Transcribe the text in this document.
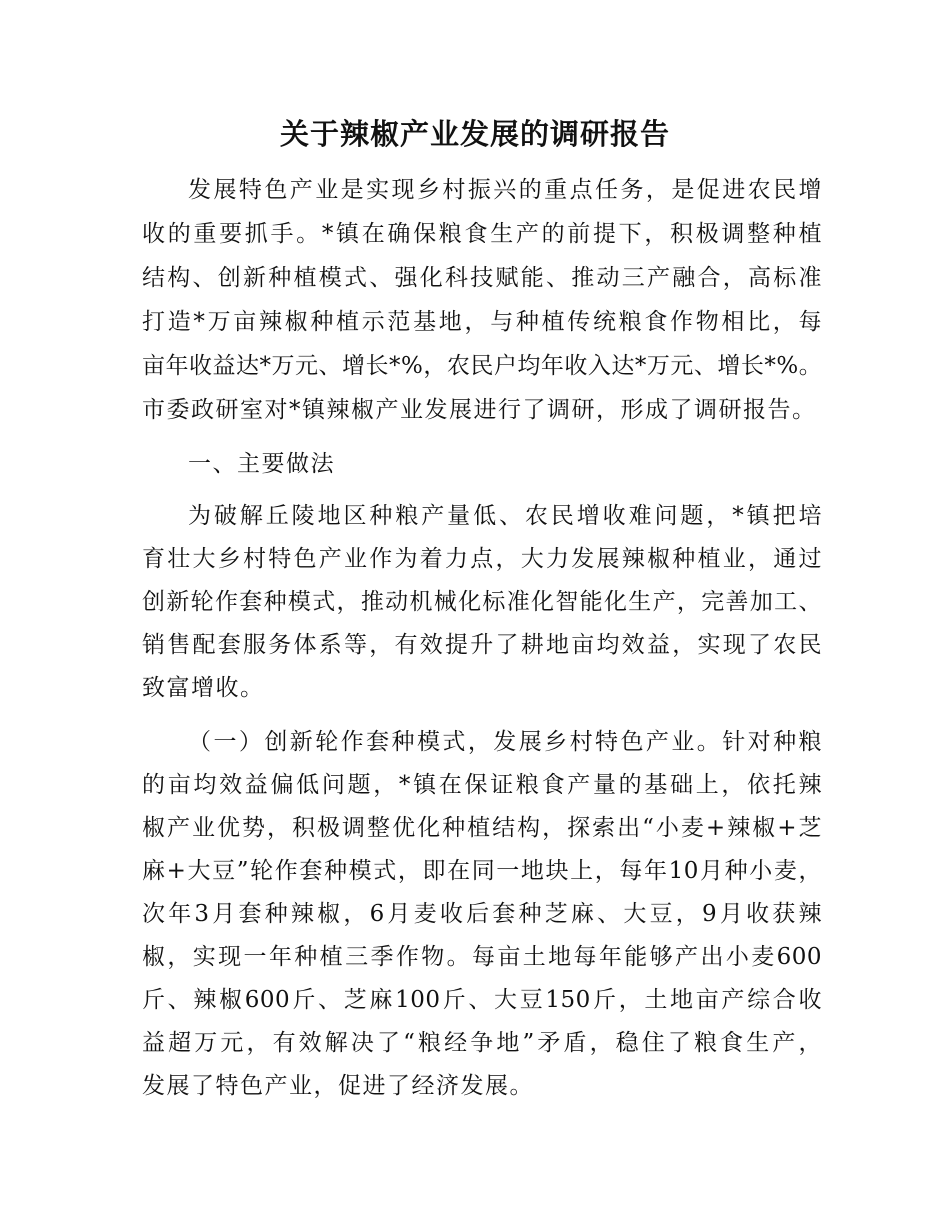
关于辣椒产业发展的调研报告
发展特色产业是实现乡村振兴的重点任务，是促进农民增
收的重要抓手。*镇在确保粮食生产的前提下，积极调整种植
结构、创新种植模式、强化科技赋能、推动三产融合，高标准
打造*万亩辣椒种植示范基地，与种植传统粮食作物相比，每
亩年收益达*万元、增长*%，农民户均年收入达*万元、增长*%。
市委政研室对*镇辣椒产业发展进行了调研，形成了调研报告。
一、主要做法
为破解丘陵地区种粮产量低、农民增收难问题，*镇把培
育壮大乡村特色产业作为着力点，大力发展辣椒种植业，通过
创新轮作套种模式，推动机械化标准化智能化生产，完善加工、
销售配套服务体系等，有效提升了耕地亩均效益，实现了农民
致富增收。
（一）创新轮作套种模式，发展乡村特色产业。针对种粮
的亩均效益偏低问题，*镇在保证粮食产量的基础上，依托辣
椒产业优势，积极调整优化种植结构，探索出“小麦+辣椒+芝
麻+大豆”轮作套种模式，即在同一地块上，每年10月种小麦，
次年3月套种辣椒，6月麦收后套种芝麻、大豆，9月收获辣
椒，实现一年种植三季作物。每亩土地每年能够产出小麦600
斤、辣椒600斤、芝麻100斤、大豆150斤，土地亩产综合收
益超万元，有效解决了“粮经争地”矛盾，稳住了粮食生产，
发展了特色产业，促进了经济发展。
